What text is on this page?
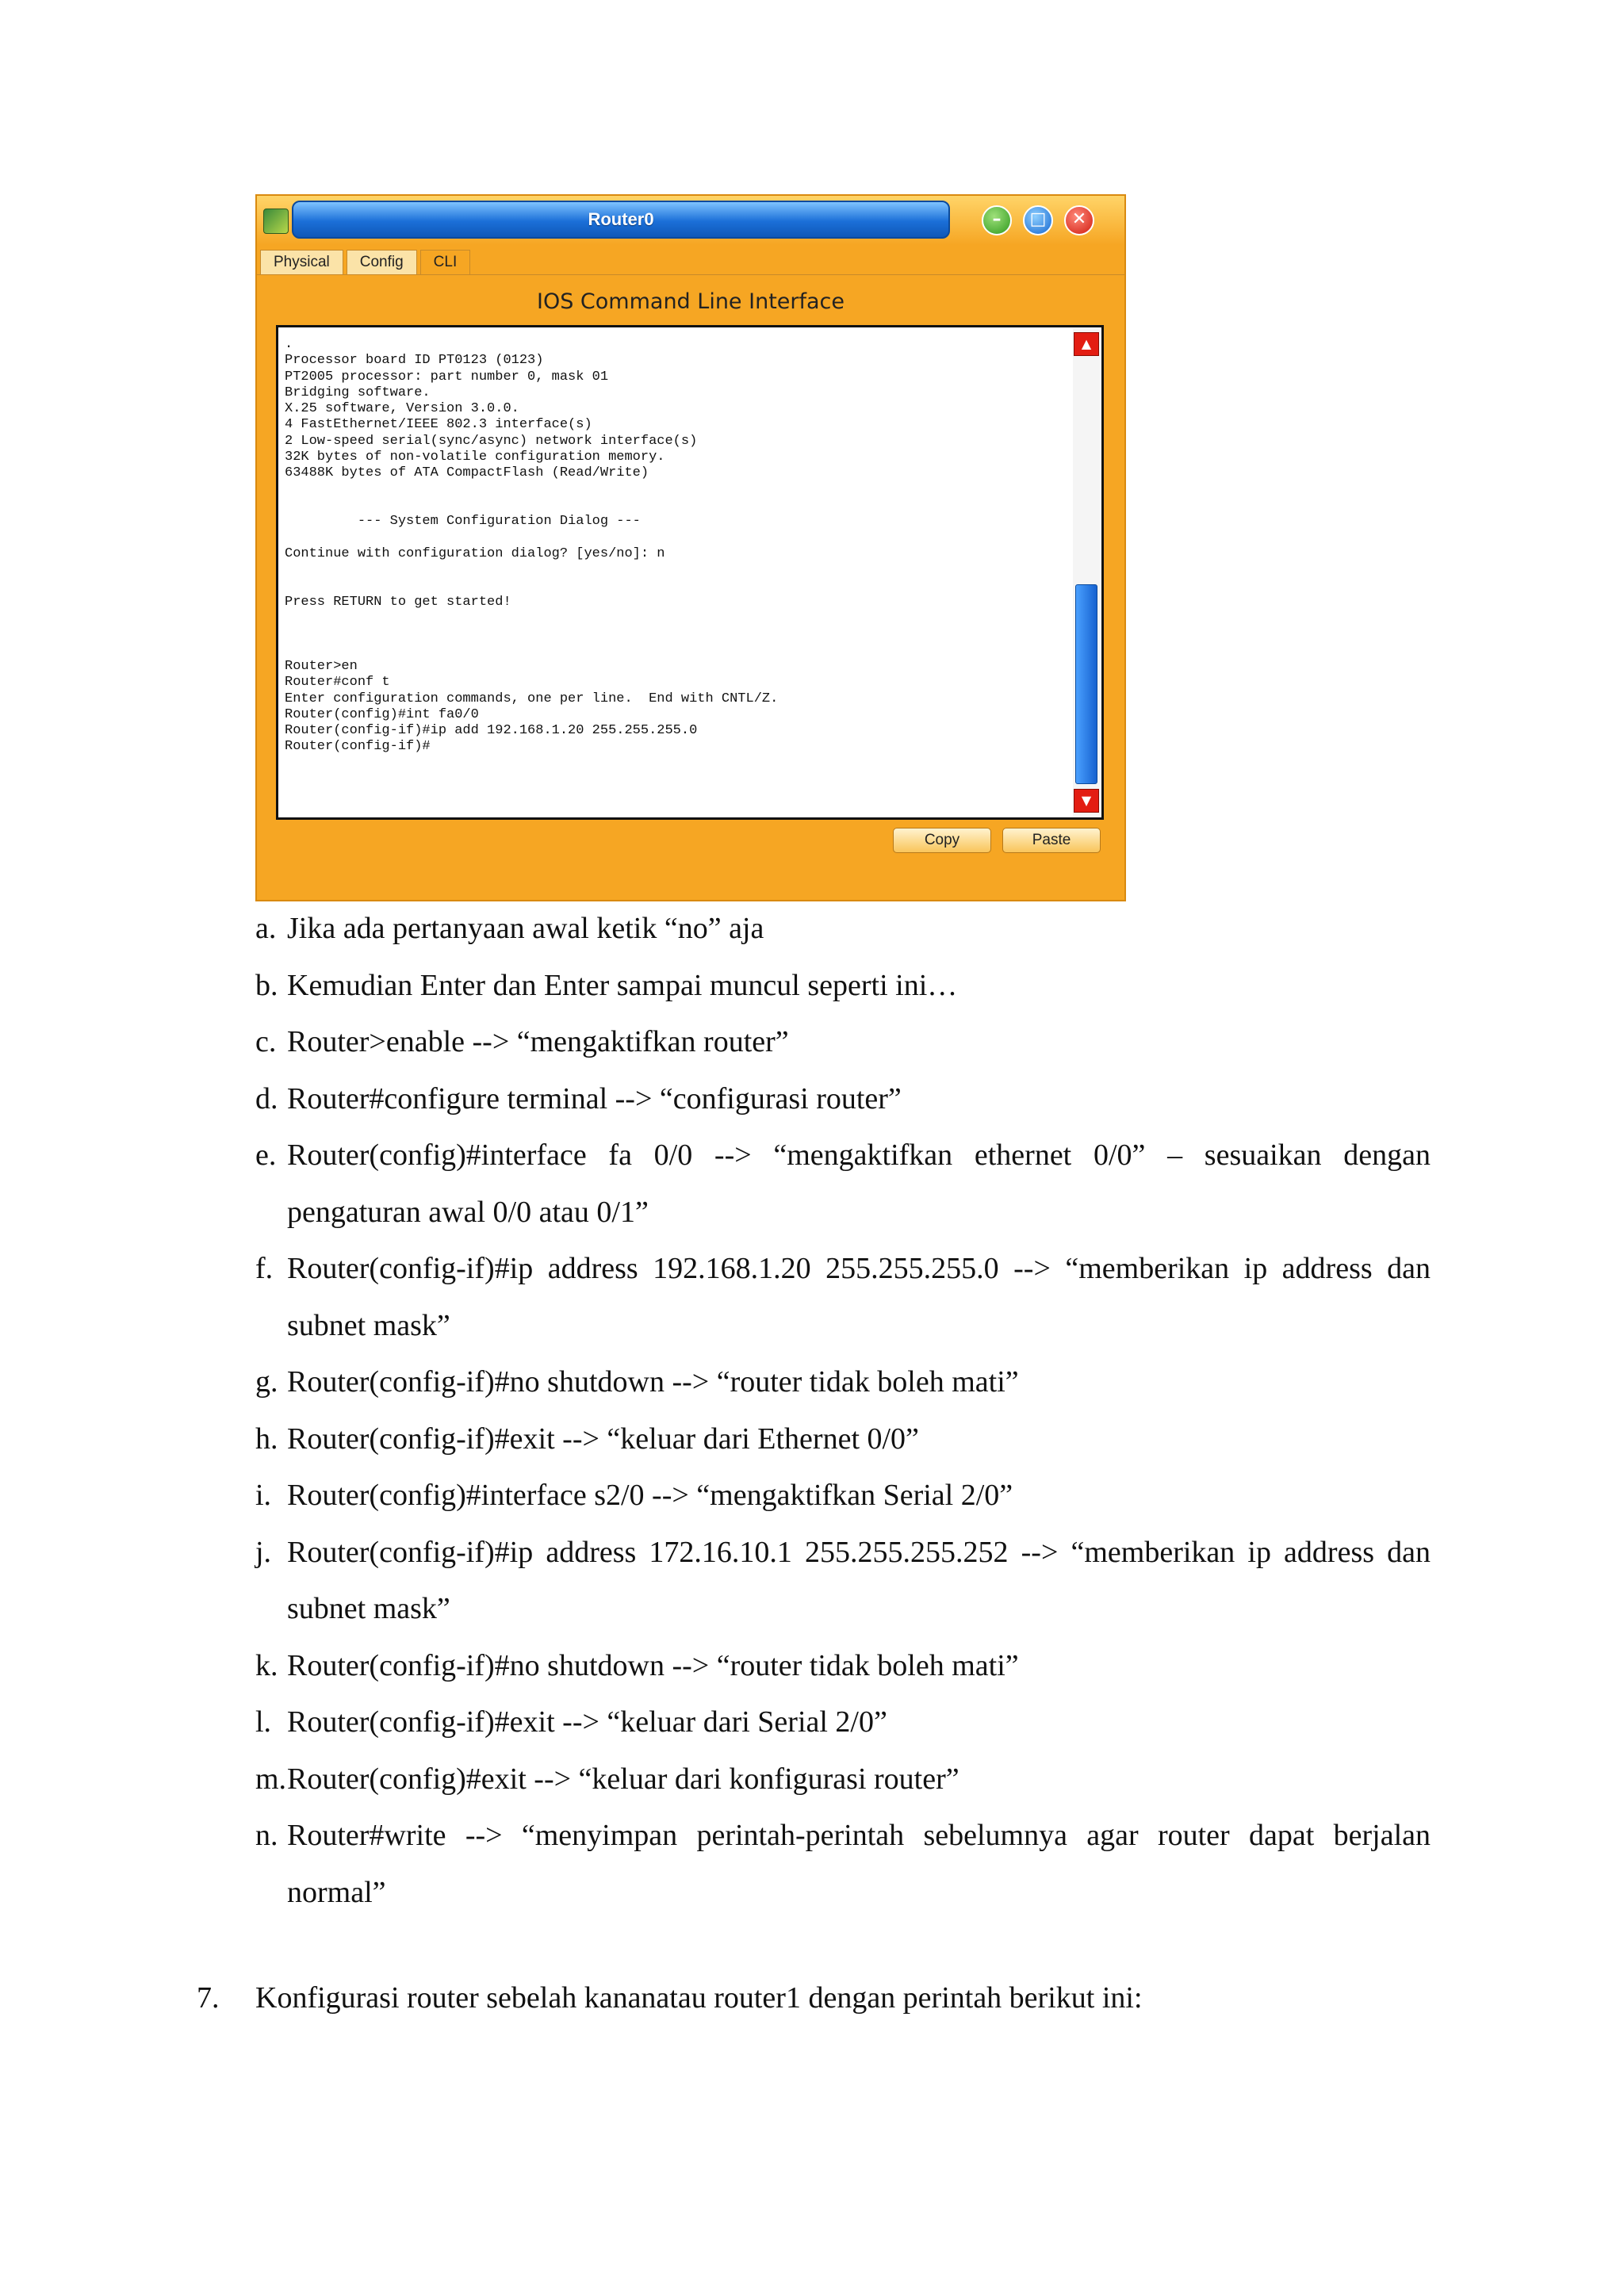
Router0	–	□	✕
Physical	Config	CLI
IOS Command Line Interface
.
Processor board ID PT0123 (0123)
PT2005 processor: part number 0, mask 01
Bridging software.
X.25 software, Version 3.0.0.
4 FastEthernet/IEEE 802.3 interface(s)
2 Low-speed serial(sync/async) network interface(s)
32K bytes of non-volatile configuration memory.
63488K bytes of ATA CompactFlash (Read/Write)
--- System Configuration Dialog ---
Continue with configuration dialog? [yes/no]: n
Press RETURN to get started!
Router>en
Router#conf t
Enter configuration commands, one per line.  End with CNTL/Z.
Router(config)#int fa0/0
Router(config-if)#ip add 192.168.1.20 255.255.255.0
Router(config-if)#
▲
▼
Copy	Paste
a. Jika ada pertanyaan awal ketik “no” aja
b. Kemudian Enter dan Enter sampai muncul seperti ini…
c. Router>enable --> “mengaktifkan router”
d. Router#configure terminal --> “configurasi router”
e. Router(config)#interface fa 0/0 --> “mengaktifkan ethernet 0/0” – sesuaikan dengan pengaturan awal 0/0 atau 0/1”
f. Router(config-if)#ip address 192.168.1.20 255.255.255.0 --> “memberikan ip address dan subnet mask”
g. Router(config-if)#no shutdown --> “router tidak boleh mati”
h. Router(config-if)#exit --> “keluar dari Ethernet 0/0”
i. Router(config)#interface s2/0 --> “mengaktifkan Serial 2/0”
j. Router(config-if)#ip address 172.16.10.1 255.255.255.252 --> “memberikan ip address dan subnet mask”
k. Router(config-if)#no shutdown --> “router tidak boleh mati”
l. Router(config-if)#exit --> “keluar dari Serial 2/0”
m. Router(config)#exit --> “keluar dari konfigurasi router”
n. Router#write --> “menyimpan perintah-perintah sebelumnya agar router dapat berjalan normal”
7. Konfigurasi router sebelah kananatau router1 dengan perintah berikut ini:
